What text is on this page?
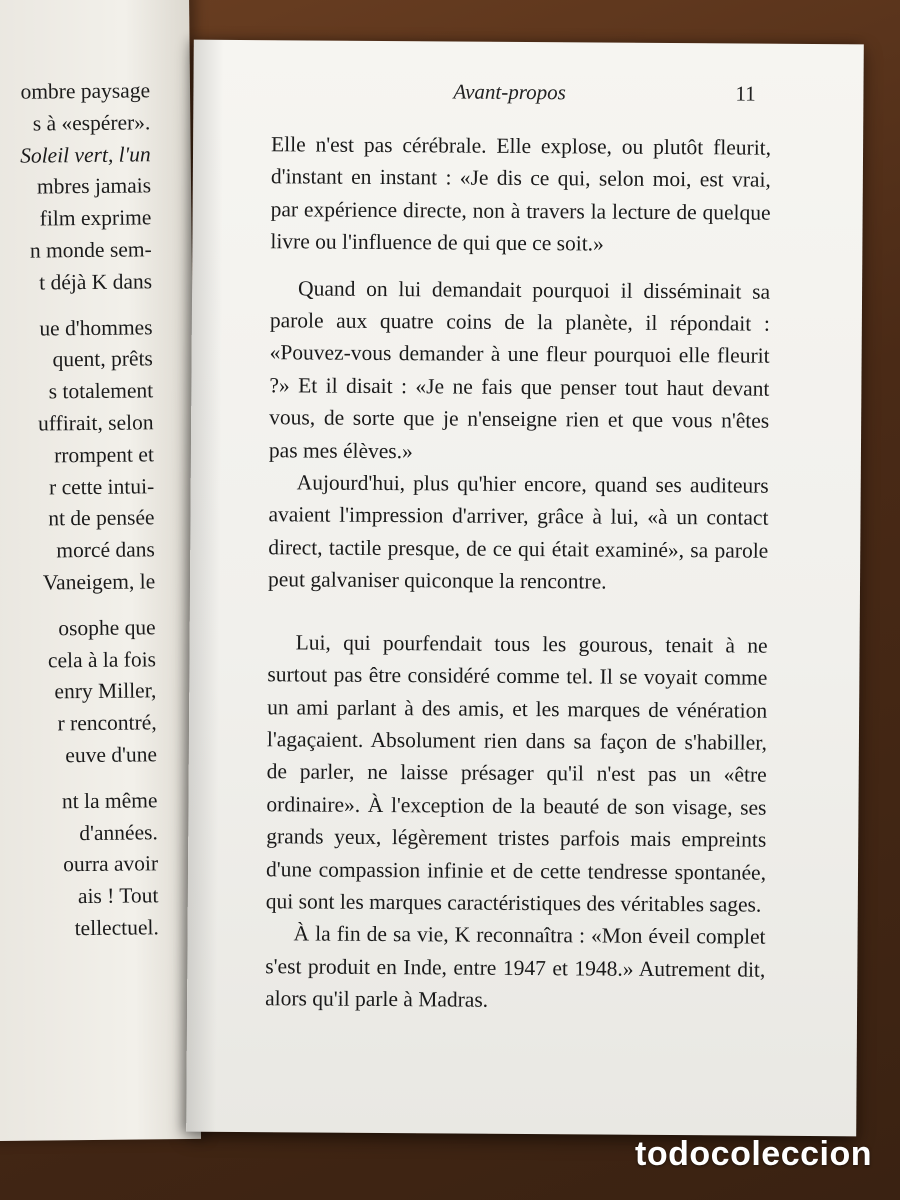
ombre paysage
s à «espérer».
Soleil vert, l'un
mbres jamais
film exprime
n monde sem-
t déjà K dans
ue d'hommes
quent, prêts
s totalement
uffirait, selon
rrompent et
r cette intui-
nt de pensée
morcé dans
Vaneigem, le
osophe que
cela à la fois
enry Miller,
r rencontré,
euve d'une
nt la même
d'années.
ourra avoir
ais ! Tout
tellectuel.
Avant-propos	11

Elle n'est pas cérébrale. Elle explose, ou plutôt fleurit, d'instant en instant : «Je dis ce qui, selon moi, est vrai, par expérience directe, non à travers la lecture de quelque livre ou l'influence de qui que ce soit.»

Quand on lui demandait pourquoi il disséminait sa parole aux quatre coins de la planète, il répondait : «Pouvez-vous demander à une fleur pourquoi elle fleurit ?» Et il disait : «Je ne fais que penser tout haut devant vous, de sorte que je n'enseigne rien et que vous n'êtes pas mes élèves.»

Aujourd'hui, plus qu'hier encore, quand ses auditeurs avaient l'impression d'arriver, grâce à lui, «à un contact direct, tactile presque, de ce qui était examiné», sa parole peut galvaniser quiconque la rencontre.

Lui, qui pourfendait tous les gourous, tenait à ne surtout pas être considéré comme tel. Il se voyait comme un ami parlant à des amis, et les marques de vénération l'agaçaient. Absolument rien dans sa façon de s'habiller, de parler, ne laisse présager qu'il n'est pas un «être ordinaire». À l'exception de la beauté de son visage, ses grands yeux, légèrement tristes parfois mais empreints d'une compassion infinie et de cette tendresse spontanée, qui sont les marques caractéristiques des véritables sages.

À la fin de sa vie, K reconnaîtra : «Mon éveil complet s'est produit en Inde, entre 1947 et 1948.» Autrement dit, alors qu'il parle à Madras.

todocoleccion
